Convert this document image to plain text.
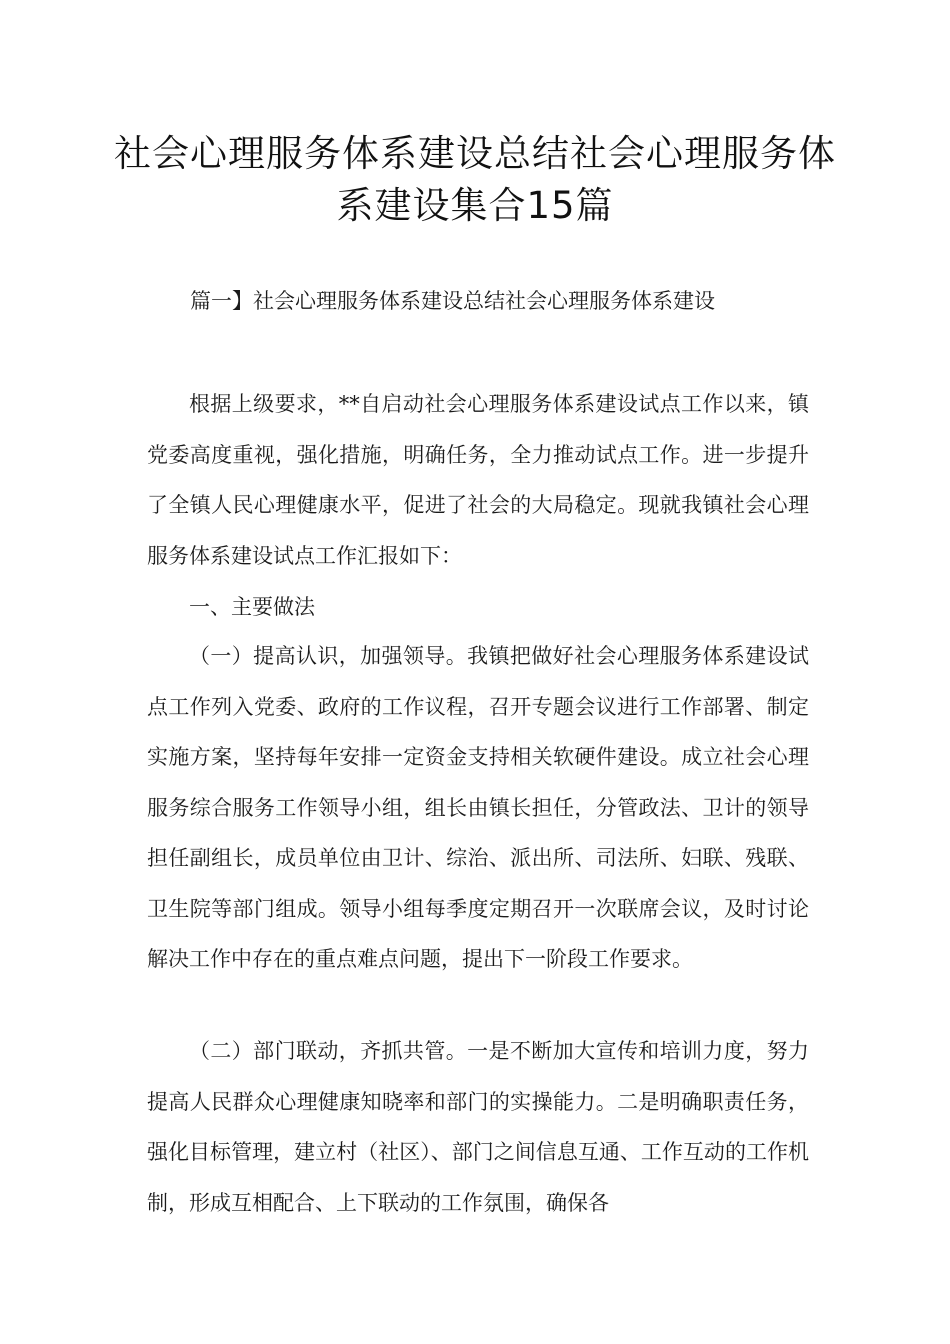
社会心理服务体系建设总结社会心理服务体系建设集合15篇
篇一】社会心理服务体系建设总结社会心理服务体系建设

根据上级要求，**自启动社会心理服务体系建设试点工作以来，镇党委高度重视，强化措施，明确任务，全力推动试点工作。进一步提升了全镇人民心理健康水平，促进了社会的大局稳定。现就我镇社会心理服务体系建设试点工作汇报如下：

一、主要做法

（一）提高认识，加强领导。我镇把做好社会心理服务体系建设试点工作列入党委、政府的工作议程，召开专题会议进行工作部署、制定实施方案，坚持每年安排一定资金支持相关软硬件建设。成立社会心理服务综合服务工作领导小组，组长由镇长担任，分管政法、卫计的领导担任副组长，成员单位由卫计、综治、派出所、司法所、妇联、残联、卫生院等部门组成。领导小组每季度定期召开一次联席会议，及时讨论解决工作中存在的重点难点问题，提出下一阶段工作要求。

（二）部门联动，齐抓共管。一是不断加大宣传和培训力度，努力提高人民群众心理健康知晓率和部门的实操能力。二是明确职责任务，强化目标管理，建立村（社区）、部门之间信息互通、工作互动的工作机制，形成互相配合、上下联动的工作氛围，确保各
